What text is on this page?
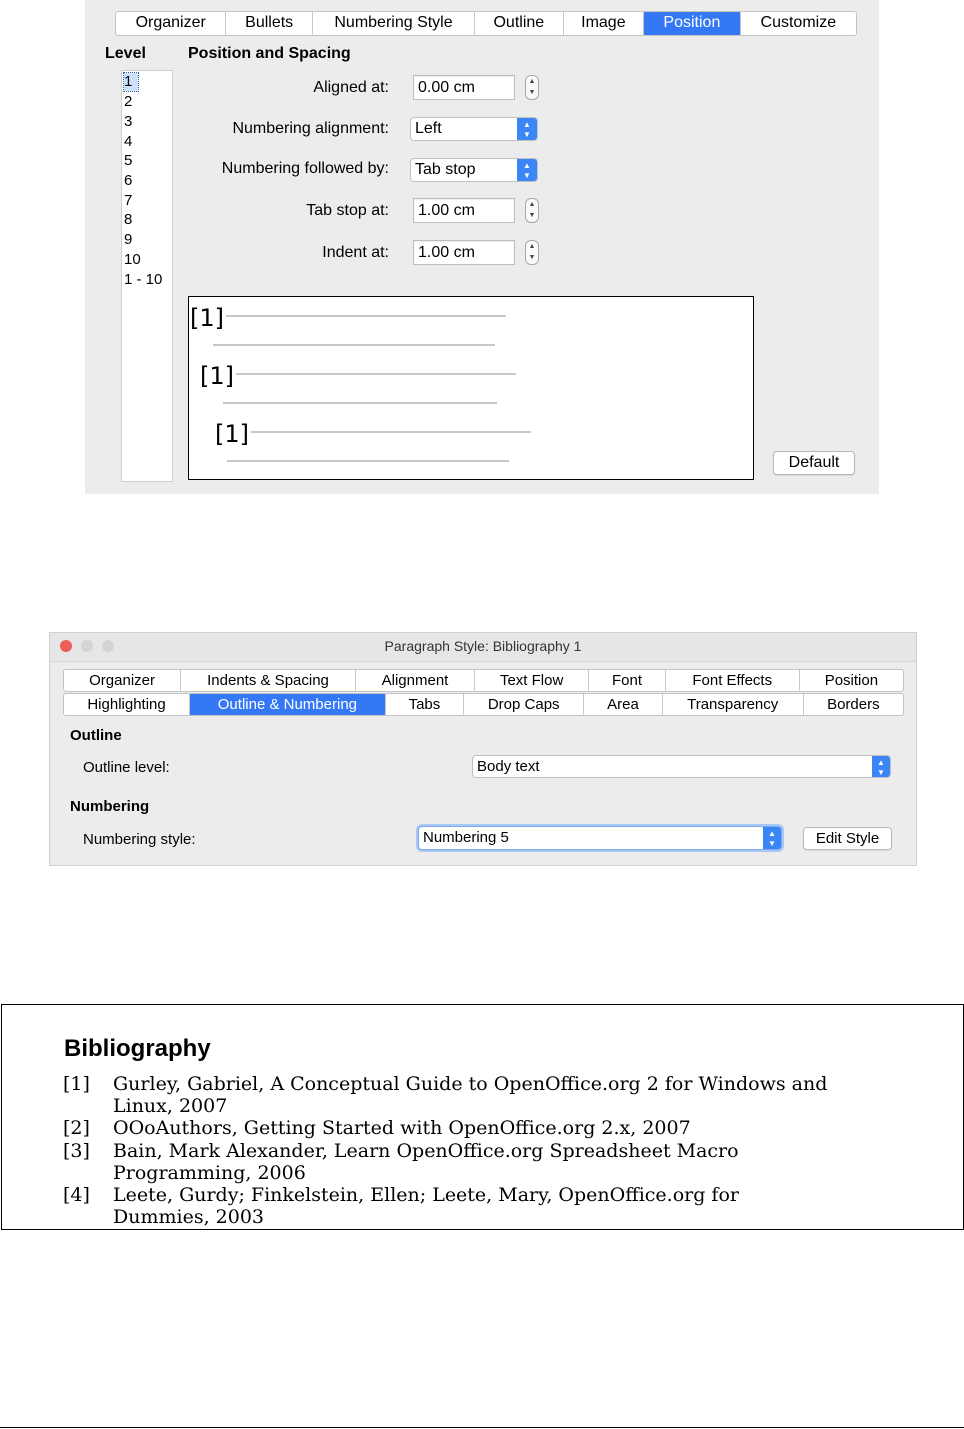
Organizer	Bullets	Numbering Style	Outline	Image	Position	Customize
Level	Position and Spacing
1
2
3
4
5
6
7
8
9
10
1 - 10
Aligned at:	0.00 cm	▲
▼
Numbering alignment:	Left	▲
▼
Numbering followed by:	Tab stop	▲
▼
Tab stop at:	1.00 cm	▲
▼
Indent at:	1.00 cm	▲
▼
[1]
[1]
[1]
Default
Paragraph Style: Bibliography 1
Organizer	Indents & Spacing	Alignment	Text Flow	Font	Font Effects	Position
Highlighting	Outline & Numbering	Tabs	Drop Caps	Area	Transparency	Borders
Outline
Outline level:	Body text	▲
▼
Numbering
Numbering style:	Numbering 5	▲
▼	Edit Style
Bibliography
[1] Gurley, Gabriel, A Conceptual Guide to OpenOffice.org 2 for Windows and
Linux, 2007
[2] OOoAuthors, Getting Started with OpenOffice.org 2.x, 2007
[3] Bain, Mark Alexander, Learn OpenOffice.org Spreadsheet Macro
Programming, 2006
[4] Leete, Gurdy; Finkelstein, Ellen; Leete, Mary, OpenOffice.org for
Dummies, 2003
